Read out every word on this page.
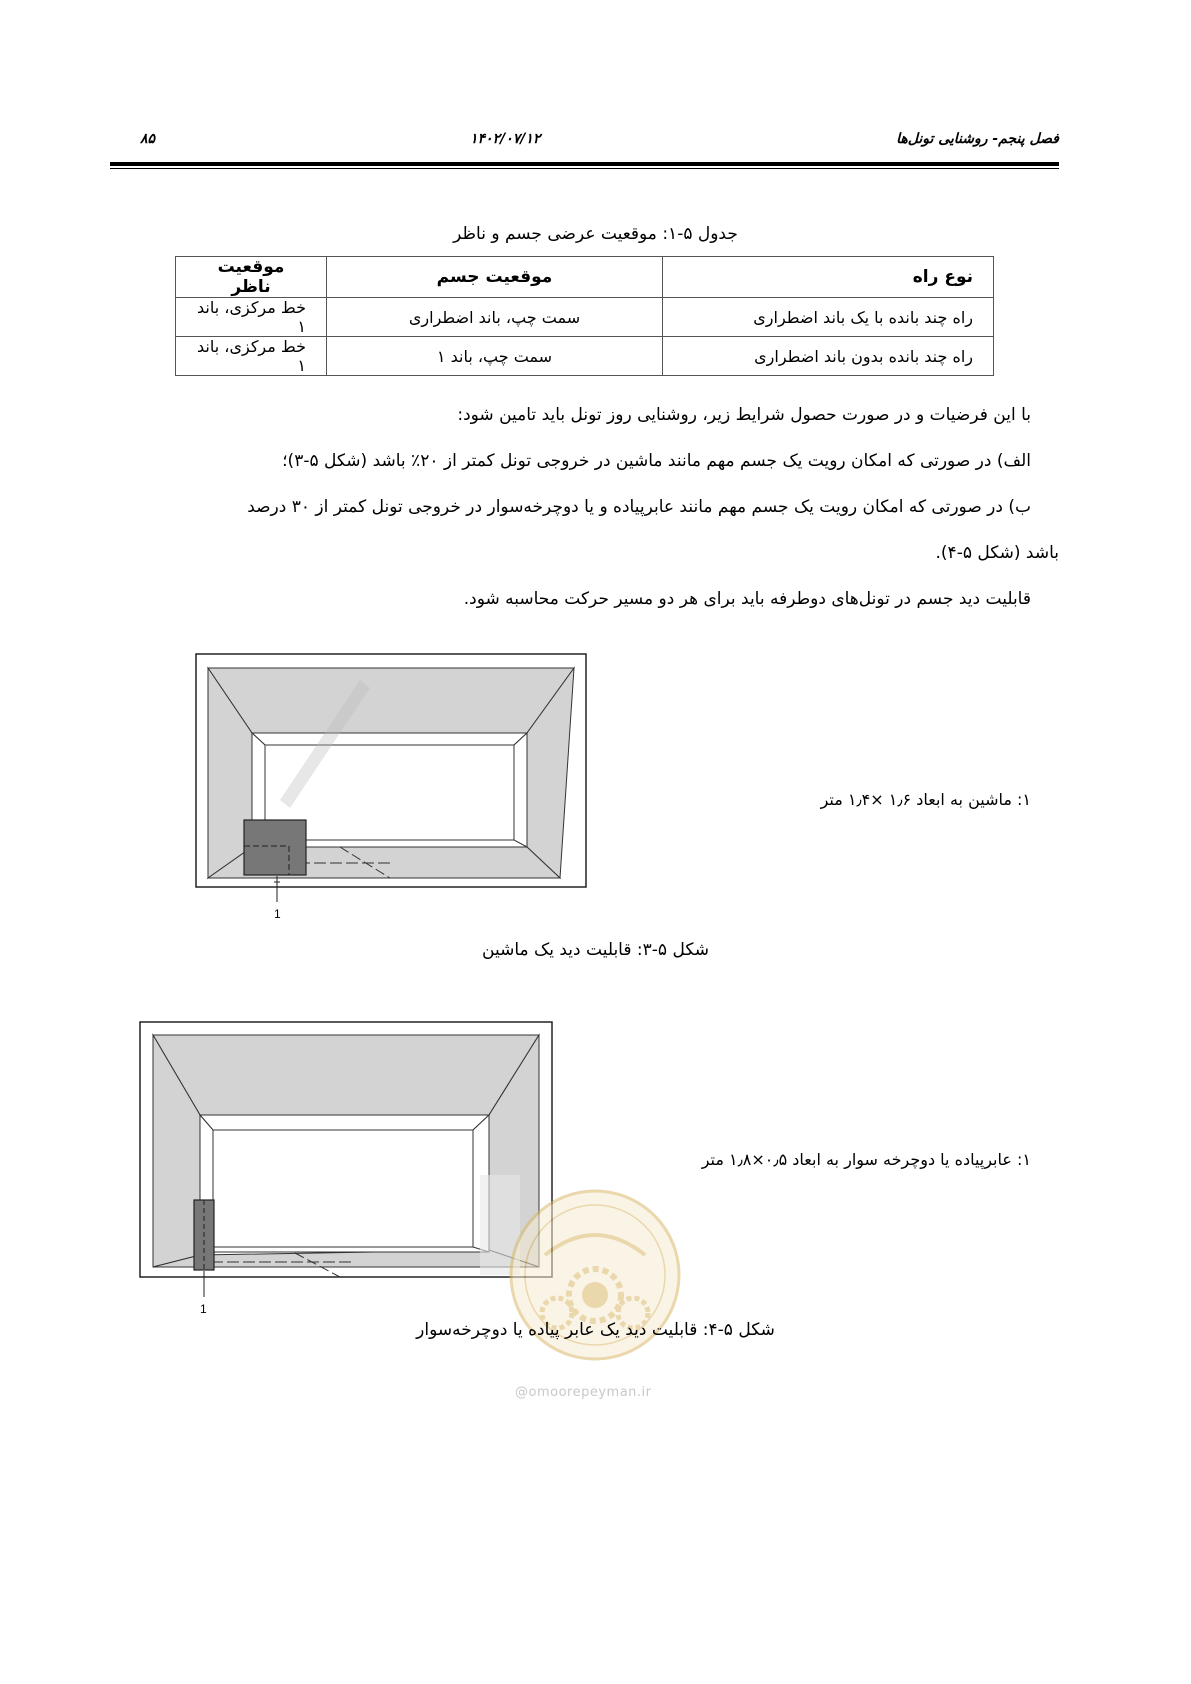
۸۵	۱۴۰۲/۰۷/۱۲	فصل پنجم- روشنایی تونل‌ها
جدول ۵-۱: موقعیت عرضی جسم و ناظر
نوع راه	موقعیت جسم	موقعیت ناظر
راه چند بانده با یک باند اضطراری	سمت چپ، باند اضطراری	خط مرکزی، باند ۱
راه چند بانده بدون باند اضطراری	سمت چپ، باند ۱	خط مرکزی، باند ۱
با این فرضیات و در صورت حصول شرایط زیر، روشنایی روز تونل باید تامین شود:
الف) در صورتی که امکان رویت یک جسم مهم مانند ماشین در خروجی تونل کمتر از ۲۰٪ باشد (شکل ۵-۳)؛
ب) در صورتی که امکان رویت یک جسم مهم مانند عابرپیاده و یا دوچرخه‌سوار در خروجی تونل کمتر از ۳۰ درصد
باشد (شکل ۵-۴).
قابلیت دید جسم در تونل‌های دوطرفه باید برای هر دو مسیر حرکت محاسبه شود.
1
۱: ماشین به ابعاد ۱٫۶ ×۱٫۴ متر
شکل ۵-۳: قابلیت دید یک ماشین
1
۱: عابرپیاده یا دوچرخه سوار به ابعاد ۰٫۵×۱٫۸ متر
شکل ۵-۴: قابلیت دید یک عابر پیاده یا دوچرخه‌سوار
@omoorepeyman.ir
